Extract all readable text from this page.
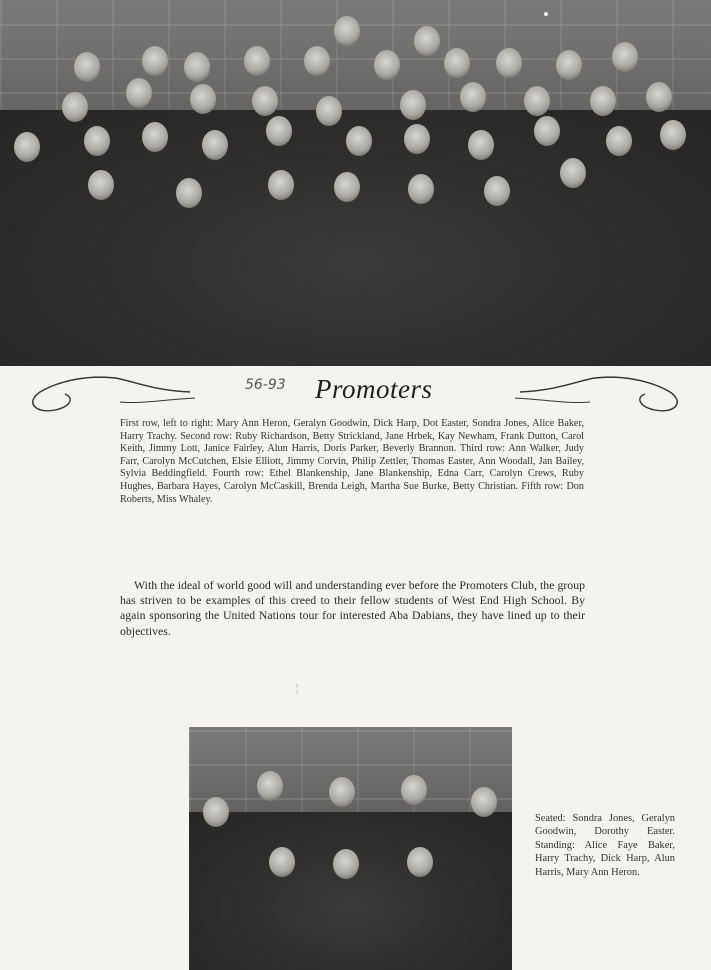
56-93 Promoters
First row, left to right: Mary Ann Heron, Geralyn Goodwin, Dick Harp, Dot Easter, Sondra Jones, Alice Baker, Harry Trachy. Second row: Ruby Richardson, Betty Strickland, Jane Hrbek, Kay Newham, Frank Dutton, Carol Keith, Jimmy Lott, Janice Fairley, Alun Harris, Doris Parker, Beverly Brannon. Third row: Ann Walker, Judy Farr, Carolyn McCutchen, Elsie Elliott, Jimmy Corvin, Philip Zettler, Thomas Easter, Ann Woodall, Jan Bailey, Sylvia Beddingfield. Fourth row: Ethel Blankenship, Jane Blankenship, Edna Carr, Carolyn Crews, Ruby Hughes, Barbara Hayes, Carolyn McCaskill, Brenda Leigh, Martha Sue Burke, Betty Christian. Fifth row: Don Roberts, Miss Whaley.
With the ideal of world good will and understanding ever before the Promoters Club, the group has striven to be examples of this creed to their fellow students of West End High School. By again sponsoring the United Nations tour for interested Aba Dabians, they have lined up to their objectives.
¦
Seated: Sondra Jones, Geralyn Goodwin, Dorothy Easter. Standing: Alice Faye Baker, Harry Trachy, Dick Harp, Alun Harris, Mary Ann Heron.
